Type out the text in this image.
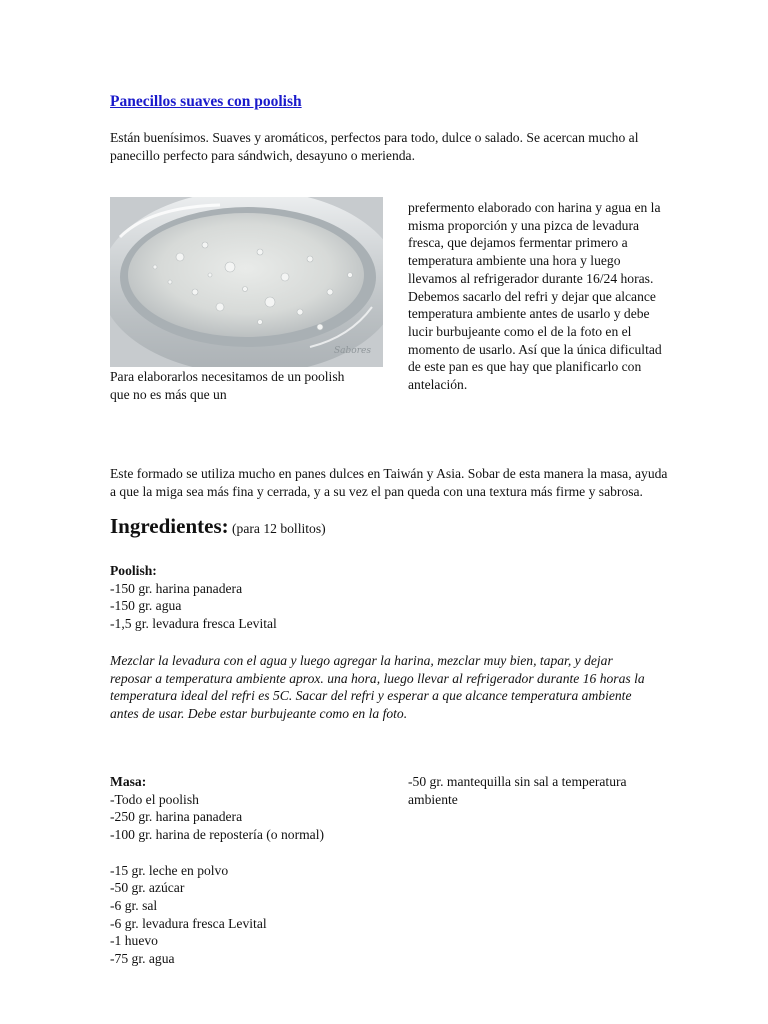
Panecillos suaves con poolish
Están buenísimos. Suaves y aromáticos, perfectos para todo, dulce o salado. Se acercan mucho al panecillo perfecto para sándwich, desayuno o merienda.
Sabores
Para elaborarlos necesitamos de un poolish que no es más que un
prefermento elaborado con harina y agua en la misma proporción y una pizca de levadura fresca, que dejamos fermentar primero a temperatura ambiente una hora y luego llevamos al refrigerador durante 16/24 horas. Debemos sacarlo del refri y dejar que alcance temperatura ambiente antes de usarlo y debe lucir burbujeante como el de la foto en el momento de usarlo. Así que la única dificultad de este pan es que hay que planificarlo con antelación.
Este formado se utiliza mucho en panes dulces en Taiwán y Asia. Sobar de esta manera la masa, ayuda a que la miga sea más fina y cerrada, y a su vez el pan queda con una textura más firme y sabrosa.
Ingredientes: (para 12 bollitos)
Poolish:
-150 gr. harina panadera
-150 gr. agua
-1,5 gr. levadura fresca Levital
Mezclar la levadura con el agua y luego agregar la harina, mezclar muy bien, tapar, y dejar reposar a temperatura ambiente aprox. una hora, luego llevar al refrigerador durante 16 horas la temperatura ideal del refri es 5C. Sacar del refri y esperar a que alcance temperatura ambiente antes de usar. Debe estar burbujeante como en la foto.
Masa:
-Todo el poolish
-250 gr. harina panadera
-100 gr. harina de repostería (o normal)
-15 gr. leche en polvo
-50 gr. azúcar
-6 gr. sal
-6 gr. levadura fresca Levital
-1 huevo
-75 gr. agua
-50 gr. mantequilla sin sal a temperatura ambiente
